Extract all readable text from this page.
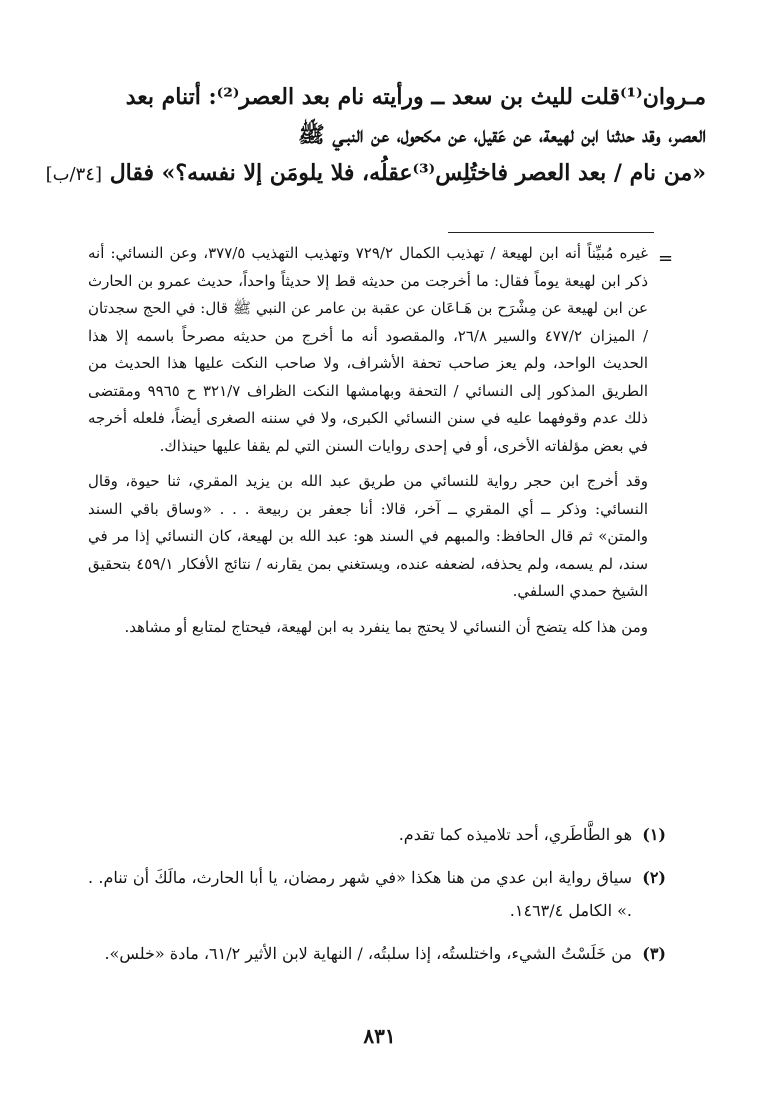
مـروان⁽¹⁾قلت لليث بن سعد ــ ورأيته نام بعد العصر⁽²⁾: أتنام بعد
العصر، وقد حدثنا ابن لهيعة، عن عَقيل، عن مكحول، عن النبـي ﷺ
«من نام / بعد العصر فاختُلِس⁽³⁾عقلُه، فلا يلومَن إلا نفسه؟» فقال [٣٤/ب]
=

غيره مُبيِّناً أنه ابن لهيعة / تهذيب الكمال ٧٢٩/٢ وتهذيب التهذيب ٣٧٧/٥، وعن النسائي: أنه ذكر ابن لهيعة يوماً فقال: ما أخرجت من حديثه قط إلا حديثاً واحداً، حديث عمرو بن الحارث عن ابن لهيعة عن مِشْرَح بن هَـاعَان عن عقبة بن عامر عن النبي ﷺ قال: في الحج سجدتان / الميزان ٤٧٧/٢ والسير ٢٦/٨، والمقصود أنه ما أخرج من حديثه مصرحاً باسمه إلا هذا الحديث الواحد، ولم يعز صاحب تحفة الأشراف، ولا صاحب النكت عليها هذا الحديث من الطريق المذكور إلى النسائي / التحفة وبهامشها النكت الظراف ٣٢١/٧ ح ٩٩٦٥ ومقتضى ذلك عدم وقوفهما عليه في سنن النسائي الكبرى، ولا في سننه الصغرى أيضاً، فلعله أخرجه في بعض مؤلفاته الأخرى، أو في إحدى روايات السنن التي لم يقفا عليها حينذاك.

وقد أخرج ابن حجر رواية للنسائي من طريق عبد الله بن يزيد المقري، ثنا حيوة، وقال النسائي: وذكر ــ أي المقري ــ آخر، قالا: أنا جعفر بن ربيعة . . . «وساق باقي السند والمتن» ثم قال الحافظ: والمبهم في السند هو: عبد الله بن لهيعة، كان النسائي إذا مر في سند، لم يسمه، ولم يحذفه، لضعفه عنده، ويستغني بمن يقارنه / نتائج الأفكار ٤٥٩/١ بتحقيق الشيخ حمدي السلفي.

ومن هذا كله يتضح أن النسائي لا يحتج بما ينفرد به ابن لهيعة، فيحتاج لمتابع أو مشاهد.

(١)
هو الطَّاطَري، أحد تلاميذه كما تقدم.
(٢)
سياق رواية ابن عدي من هنا هكذا «في شهر رمضان، يا أبا الحارث، مالَكَ أن تنام. . .» الكامل ١٤٦٣/٤.
(٣)
من خَلَسْتُ الشيء، واختلستُه، إذا سلبتُه، / النهاية لابن الأثير ٦١/٢، مادة «خلس».
٨٣١
